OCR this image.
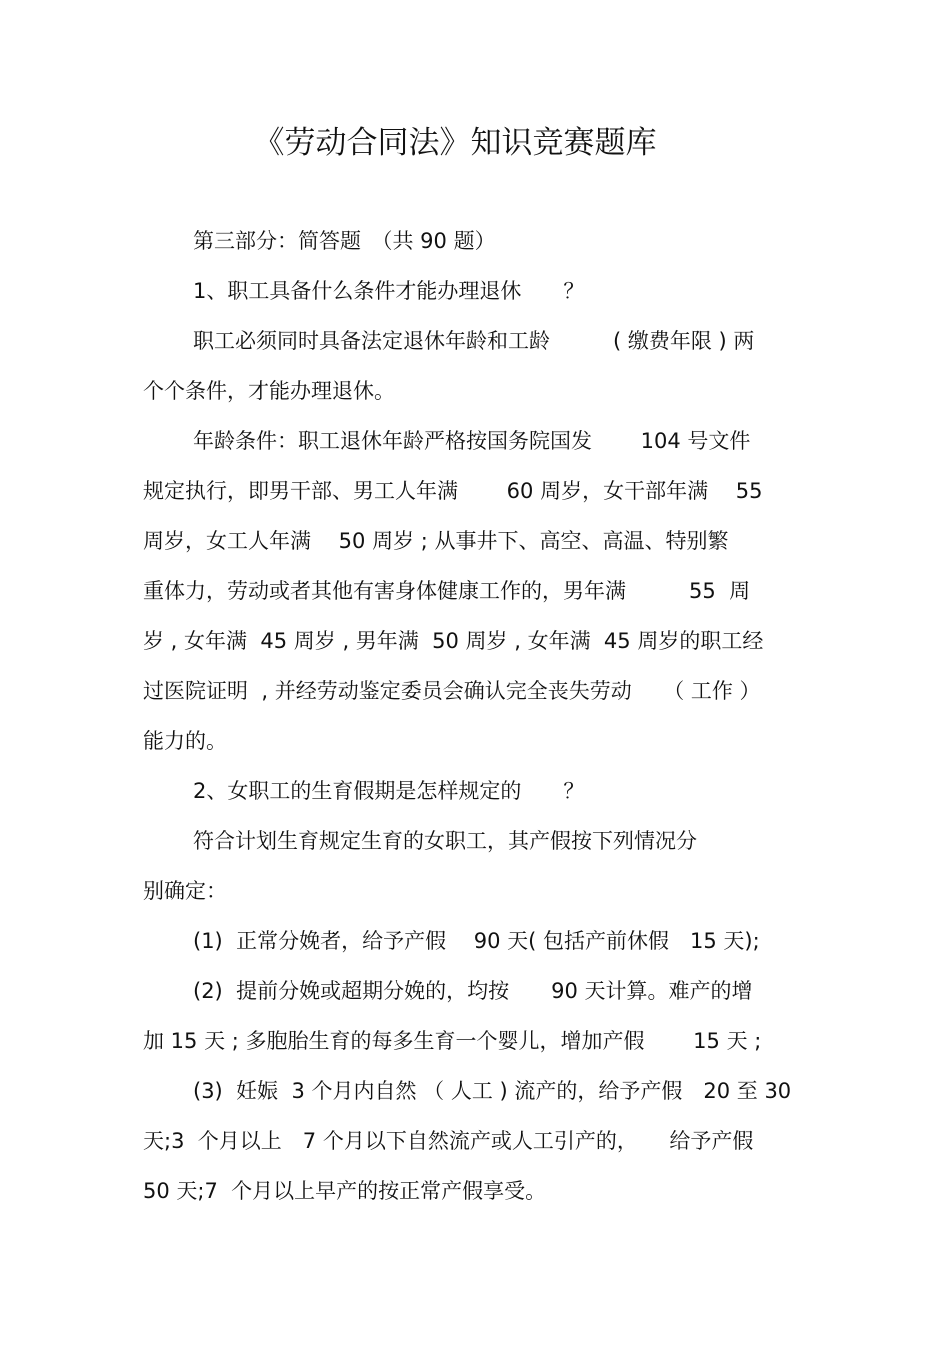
《劳动合同法》知识竞赛题库

第三部分：简答题　（共 90 题）

1、职工具备什么条件才能办理退休　　？

职工必须同时具备法定退休年龄和工龄　　　( 缴费年限 ) 两

个个条件，才能办理退休。

年龄条件：职工退休年龄严格按国务院国发　　 104 号文件

规定执行，即男干部、男工人年满　　 60 周岁，女干部年满　 55

周岁，女工人年满　 50 周岁 ; 从事井下、高空、高温、特别繁

重体力，劳动或者其他有害身体健康工作的，男年满　　　55  周

岁 , 女年满  45 周岁 , 男年满  50 周岁 , 女年满  45 周岁的职工经

过医院证明  , 并经劳动鉴定委员会确认完全丧失劳动　　（ 工作 ）

能力的。

2、女职工的生育假期是怎样规定的　　？

符合计划生育规定生育的女职工，其产假按下列情况分

别确定：

(1)  正常分娩者，给予产假　 90 天( 包括产前休假　15 天);

(2)  提前分娩或超期分娩的，均按　　90 天计算。难产的增

加 15 天 ; 多胞胎生育的每多生育一个婴儿，增加产假　　 15 天 ;

(3)  妊娠  3 个月内自然 （ 人工 ) 流产的，给予产假　20 至 30

天;3  个月以上　7 个月以下自然流产或人工引产的，　　给予产假

50 天;7  个月以上早产的按正常产假享受。
